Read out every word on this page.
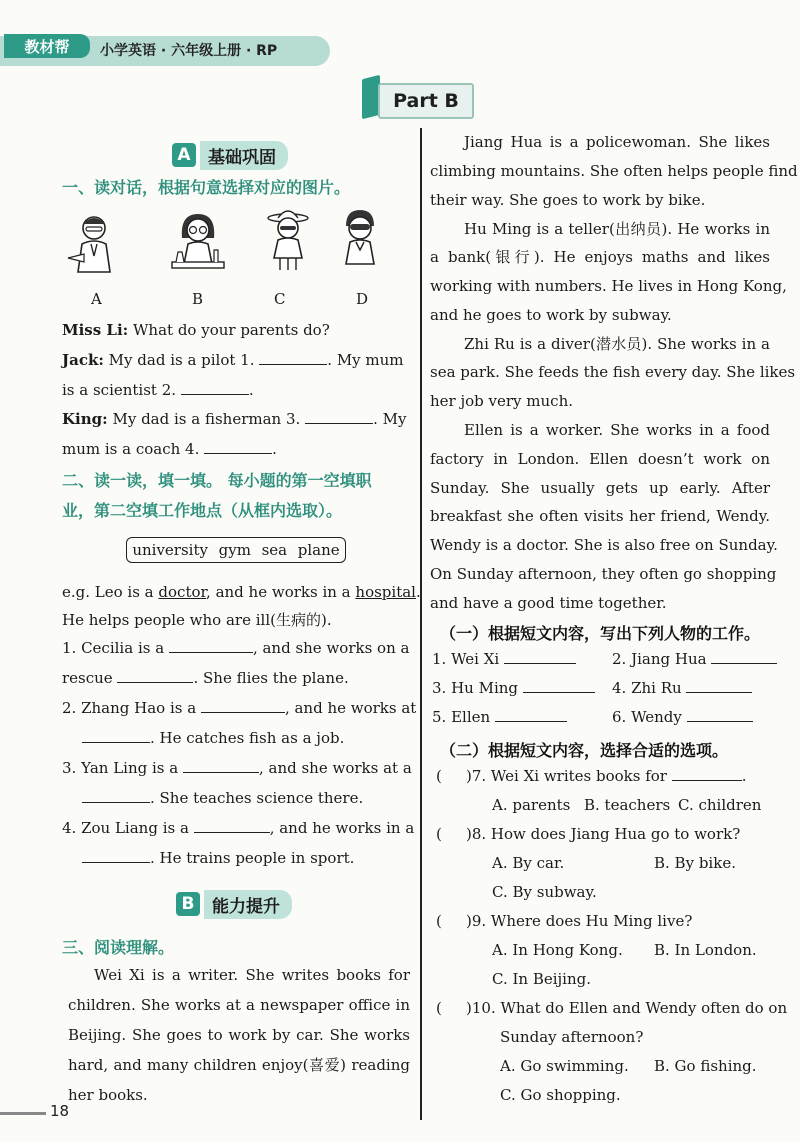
教材帮	小学英语 · 六年级上册 · RP
Part B
A	基础巩固
一、读对话，根据句意选择对应的图片。
A	B	C	D
Miss Li: What do your parents do?
Jack: My dad is a pilot 1.	. My mum
is a scientist 2.	.
King: My dad is a fisherman 3.	. My
mum is a coach 4.	.
二、读一读，填一填。 每小题的第一空填职
业，第二空填工作地点（从框内选取）。
university gym sea plane
e.g. Leo is a doctor, and he works in a hospital.
He helps people who are ill(生病的).
1. Cecilia is a	, and she works on a
rescue	. She flies the plane.
2. Zhang Hao is a	, and he works at
. He catches fish as a job.
3. Yan Ling is a	, and she works at a
. She teaches science there.
4. Zou Liang is a	, and he works in a
. He trains people in sport.
B	能力提升
三、阅读理解。
Wei Xi is a writer. She writes books for
children. She works at a newspaper office in
Beijing. She goes to work by car. She works
hard, and many children enjoy(喜爱) reading
her books.
Jiang Hua is a policewoman. She likes
climbing mountains. She often helps people find
their way. She goes to work by bike.
Hu Ming is a teller(出纳员). He works in
a bank(银行). He enjoys maths and likes
working with numbers. He lives in Hong Kong,
and he goes to work by subway.
Zhi Ru is a diver(潜水员). She works in a
sea park. She feeds the fish every day. She likes
her job very much.
Ellen is a worker. She works in a food
factory in London. Ellen doesn’t work on
Sunday. She usually gets up early. After
breakfast she often visits her friend, Wendy.
Wendy is a doctor. She is also free on Sunday.
On Sunday afternoon, they often go shopping
and have a good time together.
（一）根据短文内容，写出下列人物的工作。
1. Wei Xi	2. Jiang Hua
3. Hu Ming	4. Zhi Ru
5. Ellen	6. Wendy
（二）根据短文内容，选择合适的选项。
( )7. Wei Xi writes books for	.
A. parents B. teachers C. children
( )8. How does Jiang Hua go to work?
A. By car.	B. By bike.
C. By subway.
( )9. Where does Hu Ming live?
A. In Hong Kong. B. In London.
C. In Beijing.
( )10. What do Ellen and Wendy often do on
Sunday afternoon?
A. Go swimming. B. Go fishing.
C. Go shopping.
18
